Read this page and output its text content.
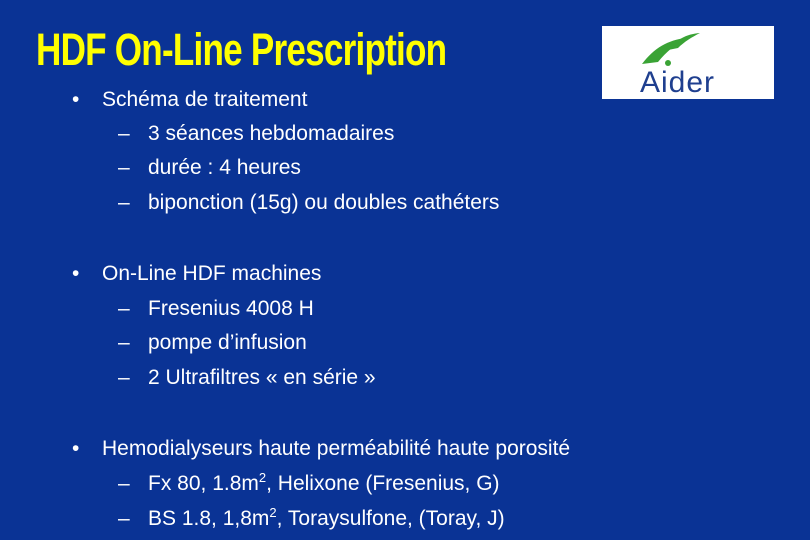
HDF On-Line Prescription
Aider
• Schéma de traitement
– 3 séances hebdomadaires
– durée : 4 heures
– biponction (15g) ou doubles cathéters
• On-Line HDF machines
– Fresenius 4008 H
– pompe d’infusion
– 2 Ultrafiltres « en série »
• Hemodialyseurs haute perméabilité haute porosité
– Fx 80, $1.8m^2$, Helixone (Fresenius, G)
– BS 1.8, $1,8m^2$, Toraysulfone, (Toray, J)
